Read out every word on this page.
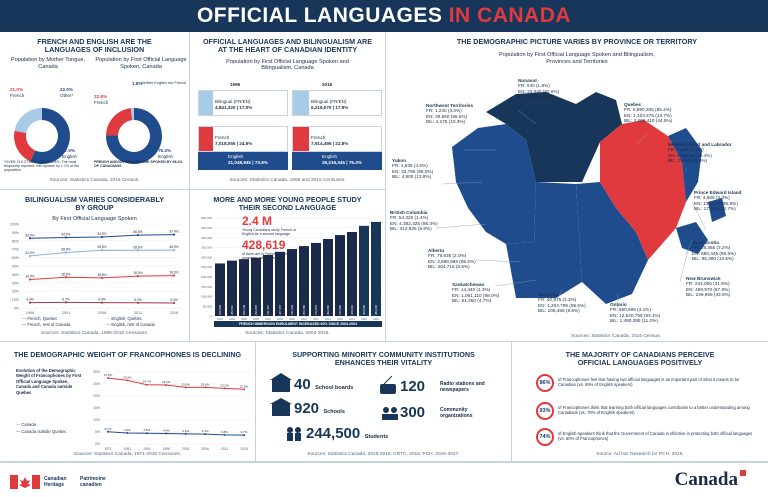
OFFICIAL LANGUAGES IN CANADA
FRENCH AND ENGLISH ARE THE LANGUAGES OF INCLUSION
Population by Mother Tongue, Canada
Population by First Official Language Spoken, Canada
21.0%
French
22.0%
Other*
57.0%
English
*OVER 215 OTHER LANGUAGES. The most frequently reported, with spoken by 1.1% of the population.
22.8%
French
1.8%
Neither English nor French
75.4%
English
FRENCH AND/OR ENGLISH ARE SPOKEN BY 98.2% OF CANADIANS
Sources: Statistics Canada, 2016 Census.
OFFICIAL LANGUAGES AND BILINGUALISM ARE AT THE HEART OF CANADIAN IDENTITY
Population by First Official Language Spoken and Bilingualism, Canada
1996	2016
Bilingual (FR/EN)
4,841,320 | 17.0%
French
7,018,055 | 24.6%
English
21,048,945 | 73.8%
Bilingual (FR/EN)
6,216,070 | 17.9%
French
7,914,495 | 22.8%
English
26,216,345 | 75.4%
Sources: Statistics Canada, 1996 and 2016 Censuses.
THE DEMOGRAPHIC PICTURE VARIES BY PROVINCE OR TERRITORY
Population by First Official Language Spoken and Bilingualism, Provinces and Territories
Nunavut
FR: 630 (1.8%)
EN: 33,040 (92.6%)
BIL: 1,525 (4.3%)
Northwest Territories
FR: 1,240 (3.0%)
EN: 39,950 (96.5%)
BIL: 4,275 (10.3%)
Yukon
FR: 1,635 (4.6%)
EN: 33,785 (95.0%)
BIL: 4,900 (13.8%)
British Columbia
FR: 54,325 (1.4%)
EN: 4,382,325 (95.3%)
BIL: 314,925 (6.8%)
Alberta
FR: 79,835 (2.0%)
EN: 3,888,985 (96.6%)
BIL: 264,715 (6.6%)
Saskatchewan
FR: 14,440 (1.3%)
EN: 1,061,110 (98.0%)
BIL: 51,360 (4.7%)
Manitoba
FR: 40,975 (3.2%)
EN: 1,204,795 (95.5%)
BIL: 108,455 (8.6%)
Ontario
FR: 550,595 (4.1%)
EN: 12,640,795 (93.4%)
BIL: 1,490,395 (11.2%)
Quebec
FR: 6,890,305 (85.4%)
EN: 1,103,475 (13.7%)
BIL: 3,586,410 (44.5%)
Newfoundland and Labrador
FR: 2,425 (0.5%)
EN: 512,525 (99.4%)
BIL: 25,940 (5.0%)
Prince Edward Island
FR: 4,665 (3.3%)
EN: 135,130 (95.8%)
BIL: 17,840 (12.7%)
Nova Scotia
FR: 29,365 (3.2%)
EN: 880,345 (96.5%)
BIL: 95,380 (10.5%)
New Brunswick
FR: 234,055 (31.8%)
EN: 499,970 (67.9%)
BIL: 249,955 (33.9%)
Sources: Statistics Canada, 2016 Census.
BILINGUALISM VARIES CONSIDERABLY BY GROUP
By First Official Language Spoken
0%
10%
20%
30%
40%
50%
60%
70%
80%
90%
100%
1996	2001	2006	2011	2016
34.0%
36.6%	35.8%	38.0%	38.6%
83.0%	84.0%	84.5%	86.8%	87.4%
62.0%
66.0%
68.8%	68.6%	68.9%
6.4%	6.7%	6.4%	6.2%	6.0%
— French, Quebec
— French, rest of Canada
— English, Quebec
— English, rest of Canada
Sources: Statistics Canada, 1996-2016 Censuses.
MORE AND MORE YOUNG PEOPLE STUDY THEIR SECOND LANGUAGE
0
50,000
100,000
150,000
200,000
250,000
300,000
350,000
400,000
450,000
500,000
268,259
2003
282,510
2004
290,149
2005
296,805
2006
311,315
2007
327,467
2008
341,694
2009
356,580
2010
372,879
2011
392,830
2012
412,950
2013
428,619
2014
460,000
2015
480,000
2016
2.4 M
Young Canadians study French or English as a second language
428,619
of them are in French immersion programs outside Quebec
FRENCH IMMERSION ENROLMENT INCREASED 60% SINCE 2003-2004
Sources: Statistics Canada, 2003-2016.
THE DEMOGRAPHIC WEIGHT OF FRANCOPHONES IS DECLINING
Evolution of the Demographic Weight of Francophones by First Official Language Spoken, Canada and Canada outside Quebec
0%
5%
10%
15%
20%
25%
30%
1971	1981	1991	1996	2001	2006	2011	2016
27.5%
26.5%
24.7%	24.6%
23.6%	23.6%	23.2%	22.8%
5.1%	4.6%	4.5%	4.4%	4.2%	4.1%	3.8%	3.7%
— Canada
— Canada outside Quebec
Sources: Statistics Canada, 1971-2016 Censuses.
SUPPORTING MINORITY COMMUNITY INSTITUTIONS ENHANCES THEIR VITALITY
40 School boards
920 Schools
244,500 Students
120	Radio stations and newspapers
300	Community organizations
Sources: Statistics Canada, 2015-2016; CRTC, 2018; PCH, 2016-2017.
THE MAJORITY OF CANADIANS PERCEIVE OFFICIAL LANGUAGES POSITIVELY
86%
of Francophones feel that having two official languages is an important part of what it means to be Canadian (vs. 65% of English speakers)
93%
of Francophones think that learning both official languages contributes to a better understanding among Canadians (vs. 79% of English speakers)
74%
of English-speakers think that the Government of Canada is effective in protecting both official languages (vs. 60% of Francophones)
Source: Ad hoc Research for PCH, 2016.
Canadian Heritage
Patrimoine canadien	Canada
